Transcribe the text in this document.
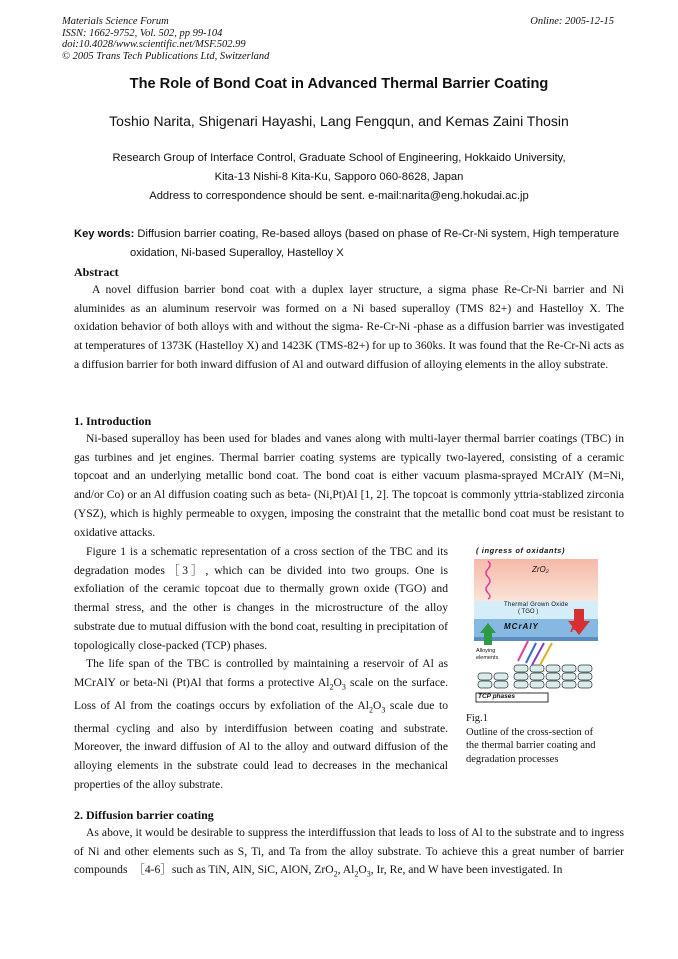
Materials Science Forum
ISSN: 1662-9752, Vol. 502, pp 99-104
doi:10.4028/www.scientific.net/MSF.502.99
© 2005 Trans Tech Publications Ltd, Switzerland
Online: 2005-12-15
The Role of Bond Coat in Advanced Thermal Barrier Coating
Toshio Narita, Shigenari Hayashi, Lang Fengqun, and Kemas Zaini Thosin
Research Group of Interface Control, Graduate School of Engineering, Hokkaido University,
Kita-13 Nishi-8 Kita-Ku, Sapporo 060-8628, Japan
Address to correspondence should be sent. e-mail:narita@eng.hokudai.ac.jp
Key words: Diffusion barrier coating, Re-based alloys (based on phase of Re-Cr-Ni system, High temperature
oxidation, Ni-based Superalloy, Hastelloy X
Abstract
A novel diffusion barrier bond coat with a duplex layer structure, a sigma phase Re-Cr-Ni barrier and Ni aluminides as an aluminum reservoir was formed on a Ni based superalloy (TMS 82+) and Hastelloy X. The oxidation behavior of both alloys with and without the sigma- Re-Cr-Ni -phase as a diffusion barrier was investigated at temperatures of 1373K (Hastelloy X) and 1423K (TMS-82+) for up to 360ks. It was found that the Re-Cr-Ni acts as a diffusion barrier for both inward diffusion of Al and outward diffusion of alloying elements in the alloy substrate.
1. Introduction
Ni-based superalloy has been used for blades and vanes along with multi-layer thermal barrier coatings (TBC) in gas turbines and jet engines. Thermal barrier coating systems are typically two-layered, consisting of a ceramic topcoat and an underlying metallic bond coat. The bond coat is either vacuum plasma-sprayed MCrAlY (M=Ni, and/or Co) or an Al diffusion coating such as beta- (Ni,Pt)Al [1, 2]. The topcoat is commonly yttria-stablized zirconia (YSZ), which is highly permeable to oxygen, imposing the constraint that the metallic bond coat must be resistant to oxidative attacks.
Figure 1 is a schematic representation of a cross section of the TBC and its degradation modes［3］, which can be divided into two groups. One is exfoliation of the ceramic topcoat due to thermally grown oxide (TGO) and thermal stress, and the other is changes in the microstructure of the alloy substrate due to mutual diffusion with the bond coat, resulting in precipitation of topologically close-packed (TCP) phases.
The life span of the TBC is controlled by maintaining a reservoir of Al as MCrAlY or beta-Ni (Pt)Al that forms a protective $Al_2O_3$ scale on the surface. Loss of Al from the coatings occurs by exfoliation of the $Al_2O_3$ scale due to thermal cycling and also by interdiffusion between coating and substrate. Moreover, the inward diffusion of Al to the alloy and outward diffusion of the alloying elements in the substrate could lead to decreases in the mechanical properties of the alloy substrate.
( ingress of oxidants)
ZrO₂
Thermal Grown Oxide
( TGO )
MCrAlY	Al
Alloying
elements
TCP phases
Fig.1
Outline of the cross-section of
the thermal barrier coating and
degradation processes
2. Diffusion barrier coating
As above, it would be desirable to suppress the interdiffussion that leads to loss of Al to the substrate and to ingress of Ni and other elements such as S, Ti, and Ta from the alloy substrate. To achieve this a great number of barrier compounds　［4-6］such as TiN, AlN, SiC, AlON, ZrO$_2$, $Al_2O_3$, Ir, Re, and W have been investigated. In
